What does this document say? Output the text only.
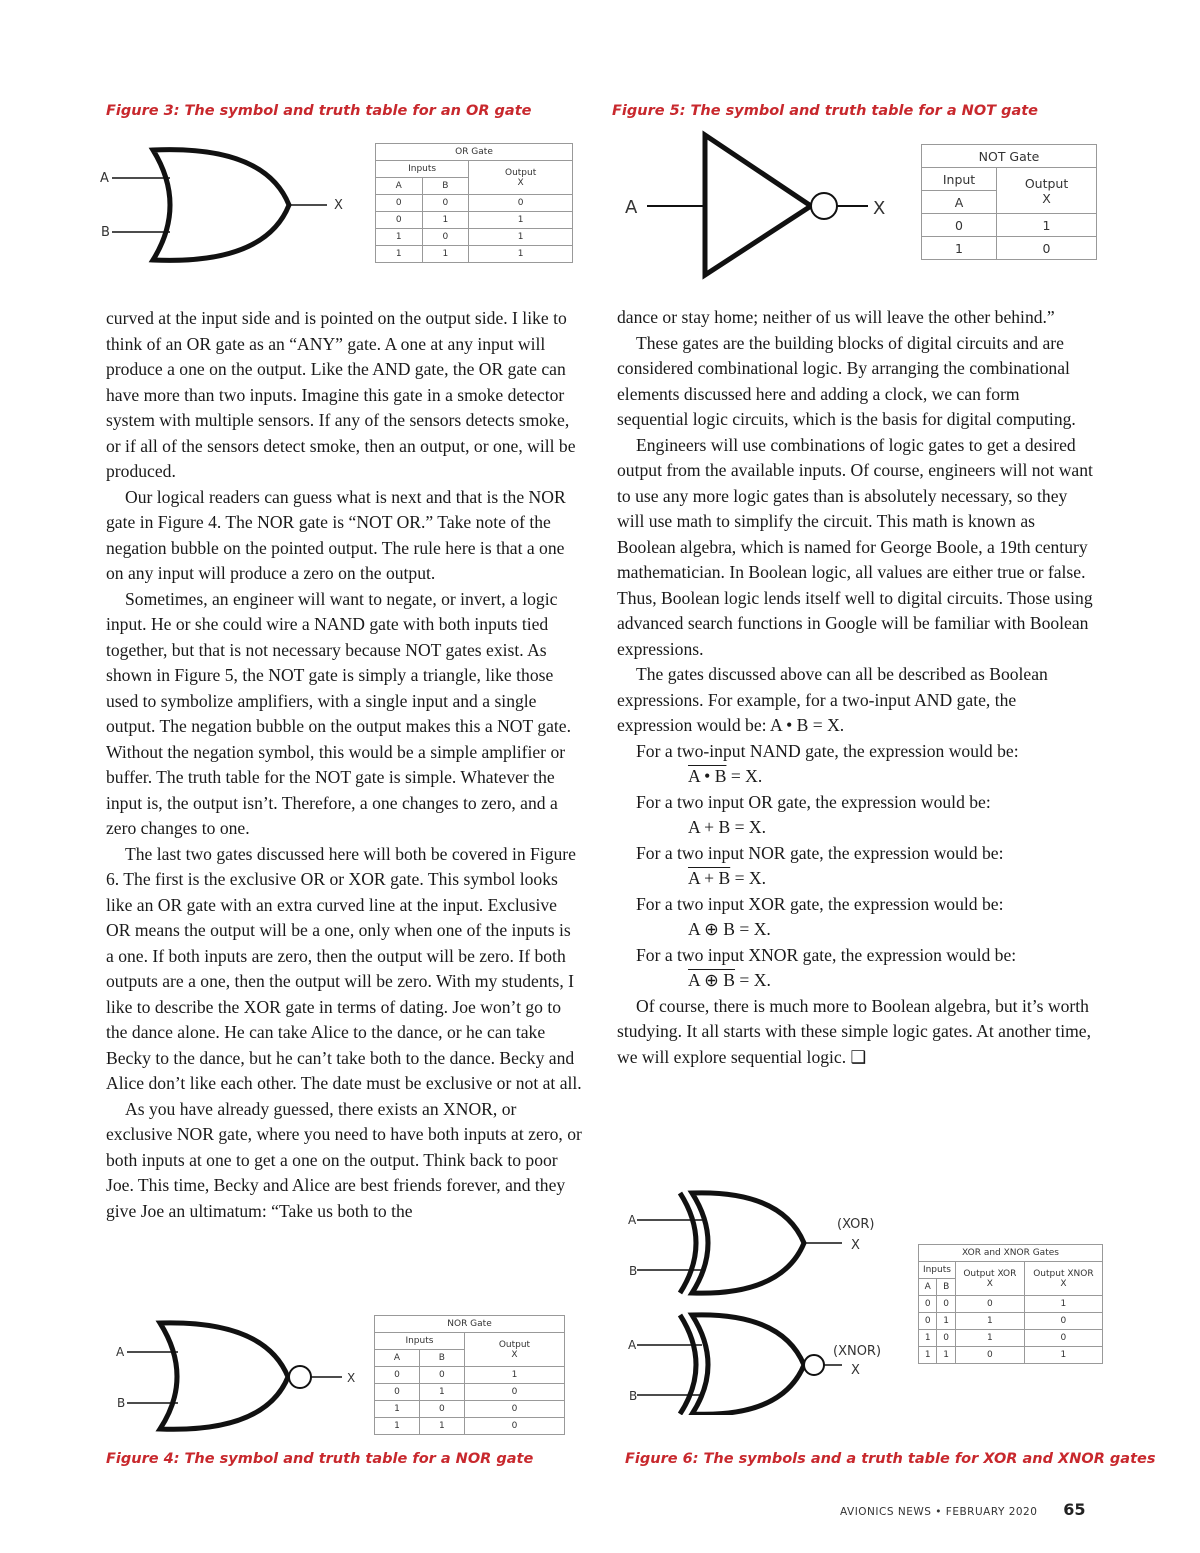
Figure 3: The symbol and truth table for an OR gate	Figure 5: The symbol and truth table for a NOT gate
Figure 4: The symbol and truth table for a NOR gate	Figure 6: The symbols and a truth table for XOR and XNOR gates
A
B
X
OR Gate		
Inputs		Output
X
A	B	
0	0	0
0	1	1
1	0	1
1	1	1
A	X
NOT Gate	
Input	Output
X
A	
0	1
1	0

curved at the input side and is pointed on the output side. I like to think of an OR gate as an “ANY” gate. A one at any input will produce a one on the output. Like the AND gate, the OR gate can have more than two inputs. Imagine this gate in a smoke detector system with multiple sensors. If any of the sensors detects smoke, or if all of the sensors detect smoke, then an output, or one, will be produced.

Our logical readers can guess what is next and that is the NOR gate in Figure 4. The NOR gate is “NOT OR.” Take note of the negation bubble on the pointed output. The rule here is that a one on any input will produce a zero on the output.

Sometimes, an engineer will want to negate, or invert, a logic input. He or she could wire a NAND gate with both inputs tied together, but that is not necessary because NOT gates exist. As shown in Figure 5, the NOT gate is simply a triangle, like those used to symbolize amplifiers, with a single input and a single output. The negation bubble on the output makes this a NOT gate. Without the negation symbol, this would be a simple amplifier or buffer. The truth table for the NOT gate is simple. Whatever the input is, the output isn’t. Therefore, a one changes to zero, and a zero changes to one.

The last two gates discussed here will both be covered in Figure 6. The first is the exclusive OR or XOR gate. This symbol looks like an OR gate with an extra curved line at the input. Exclusive OR means the output will be a one, only when one of the inputs is a one. If both inputs are zero, then the output will be zero. If both outputs are a one, then the output will be zero. With my students, I like to describe the XOR gate in terms of dating. Joe won’t go to the dance alone. He can take Alice to the dance, or he can take Becky to the dance, but he can’t take both to the dance. Becky and Alice don’t like each other. The date must be exclusive or not at all.

As you have already guessed, there exists an XNOR, or exclusive NOR gate, where you need to have both inputs at zero, or both inputs at one to get a one on the output. Think back to poor Joe. This time, Becky and Alice are best friends forever, and they give Joe an ultimatum: “Take us both to the

dance or stay home; neither of us will leave the other behind.”

These gates are the building blocks of digital circuits and are considered combinational logic. By arranging the combinational elements discussed here and adding a clock, we can form sequential logic circuits, which is the basis for digital computing.

Engineers will use combinations of logic gates to get a desired output from the available inputs. Of course, engineers will not want to use any more logic gates than is absolutely necessary, so they will use math to simplify the circuit. This math is known as Boolean algebra, which is named for George Boole, a 19th century mathematician. In Boolean logic, all values are either true or false. Thus, Boolean logic lends itself well to digital circuits. Those using advanced search functions in Google will be familiar with Boolean expressions.

The gates discussed above can all be described as Boolean expressions. For example, for a two-input AND gate, the expression would be: A • B = X.

For a two-input NAND gate, the expression would be:

A • B = X.

For a two input OR gate, the expression would be:

A + B = X.

For a two input NOR gate, the expression would be:

A + B = X.

For a two input XOR gate, the expression would be:

A ⊕ B = X.

For a two input XNOR gate, the expression would be:

A ⊕ B = X.

Of course, there is much more to Boolean algebra, but it’s worth studying. It all starts with these simple logic gates. At another time, we will explore sequential logic. ❑

A
B
X
NOR Gate		
Inputs		Output
X
A	B	
0	0	1
0	1	0
1	0	0
1	1	0
A
B
(XOR)
X
A
B
(XNOR)
X
XOR and XNOR Gates			
Inputs		Output XOR
X	Output XNOR
X
A	B		
0	0	0	1
0	1	1	0
1	0	1	0
1	1	0	1
AVIONICS NEWS • FEBRUARY 2020 65
